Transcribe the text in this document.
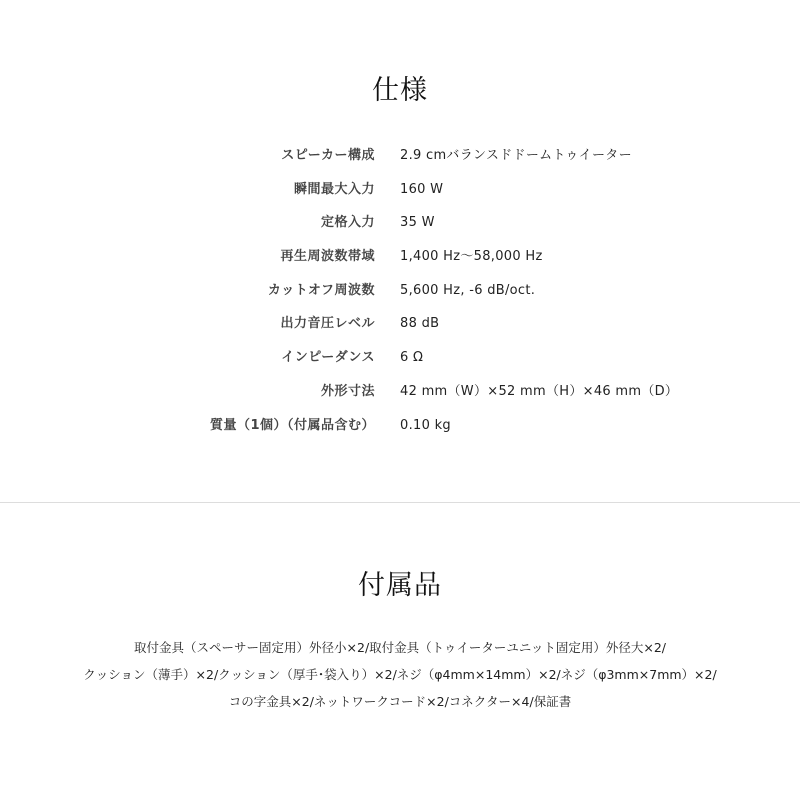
仕様
スピーカー構成 2.9 cmバランスドドームトゥイーター
瞬間最大入力 160 W
定格入力 35 W
再生周波数帯域 1,400 Hz～58,000 Hz
カットオフ周波数 5,600 Hz, -6 dB/oct.
出力音圧レベル 88 dB
インピーダンス 6 Ω
外形寸法 42 mm（W）×52 mm（H）×46 mm（D）
質量（1個）（付属品含む） 0.10 kg
付属品
取付金具（スペーサー固定用）外径小×2/取付金具（トゥイーターユニット固定用）外径大×2/
クッション（薄手）×2/クッション（厚手･袋入り）×2/ネジ（φ4mm×14mm）×2/ネジ（φ3mm×7mm）×2/
コの字金具×2/ネットワークコード×2/コネクター×4/保証書
